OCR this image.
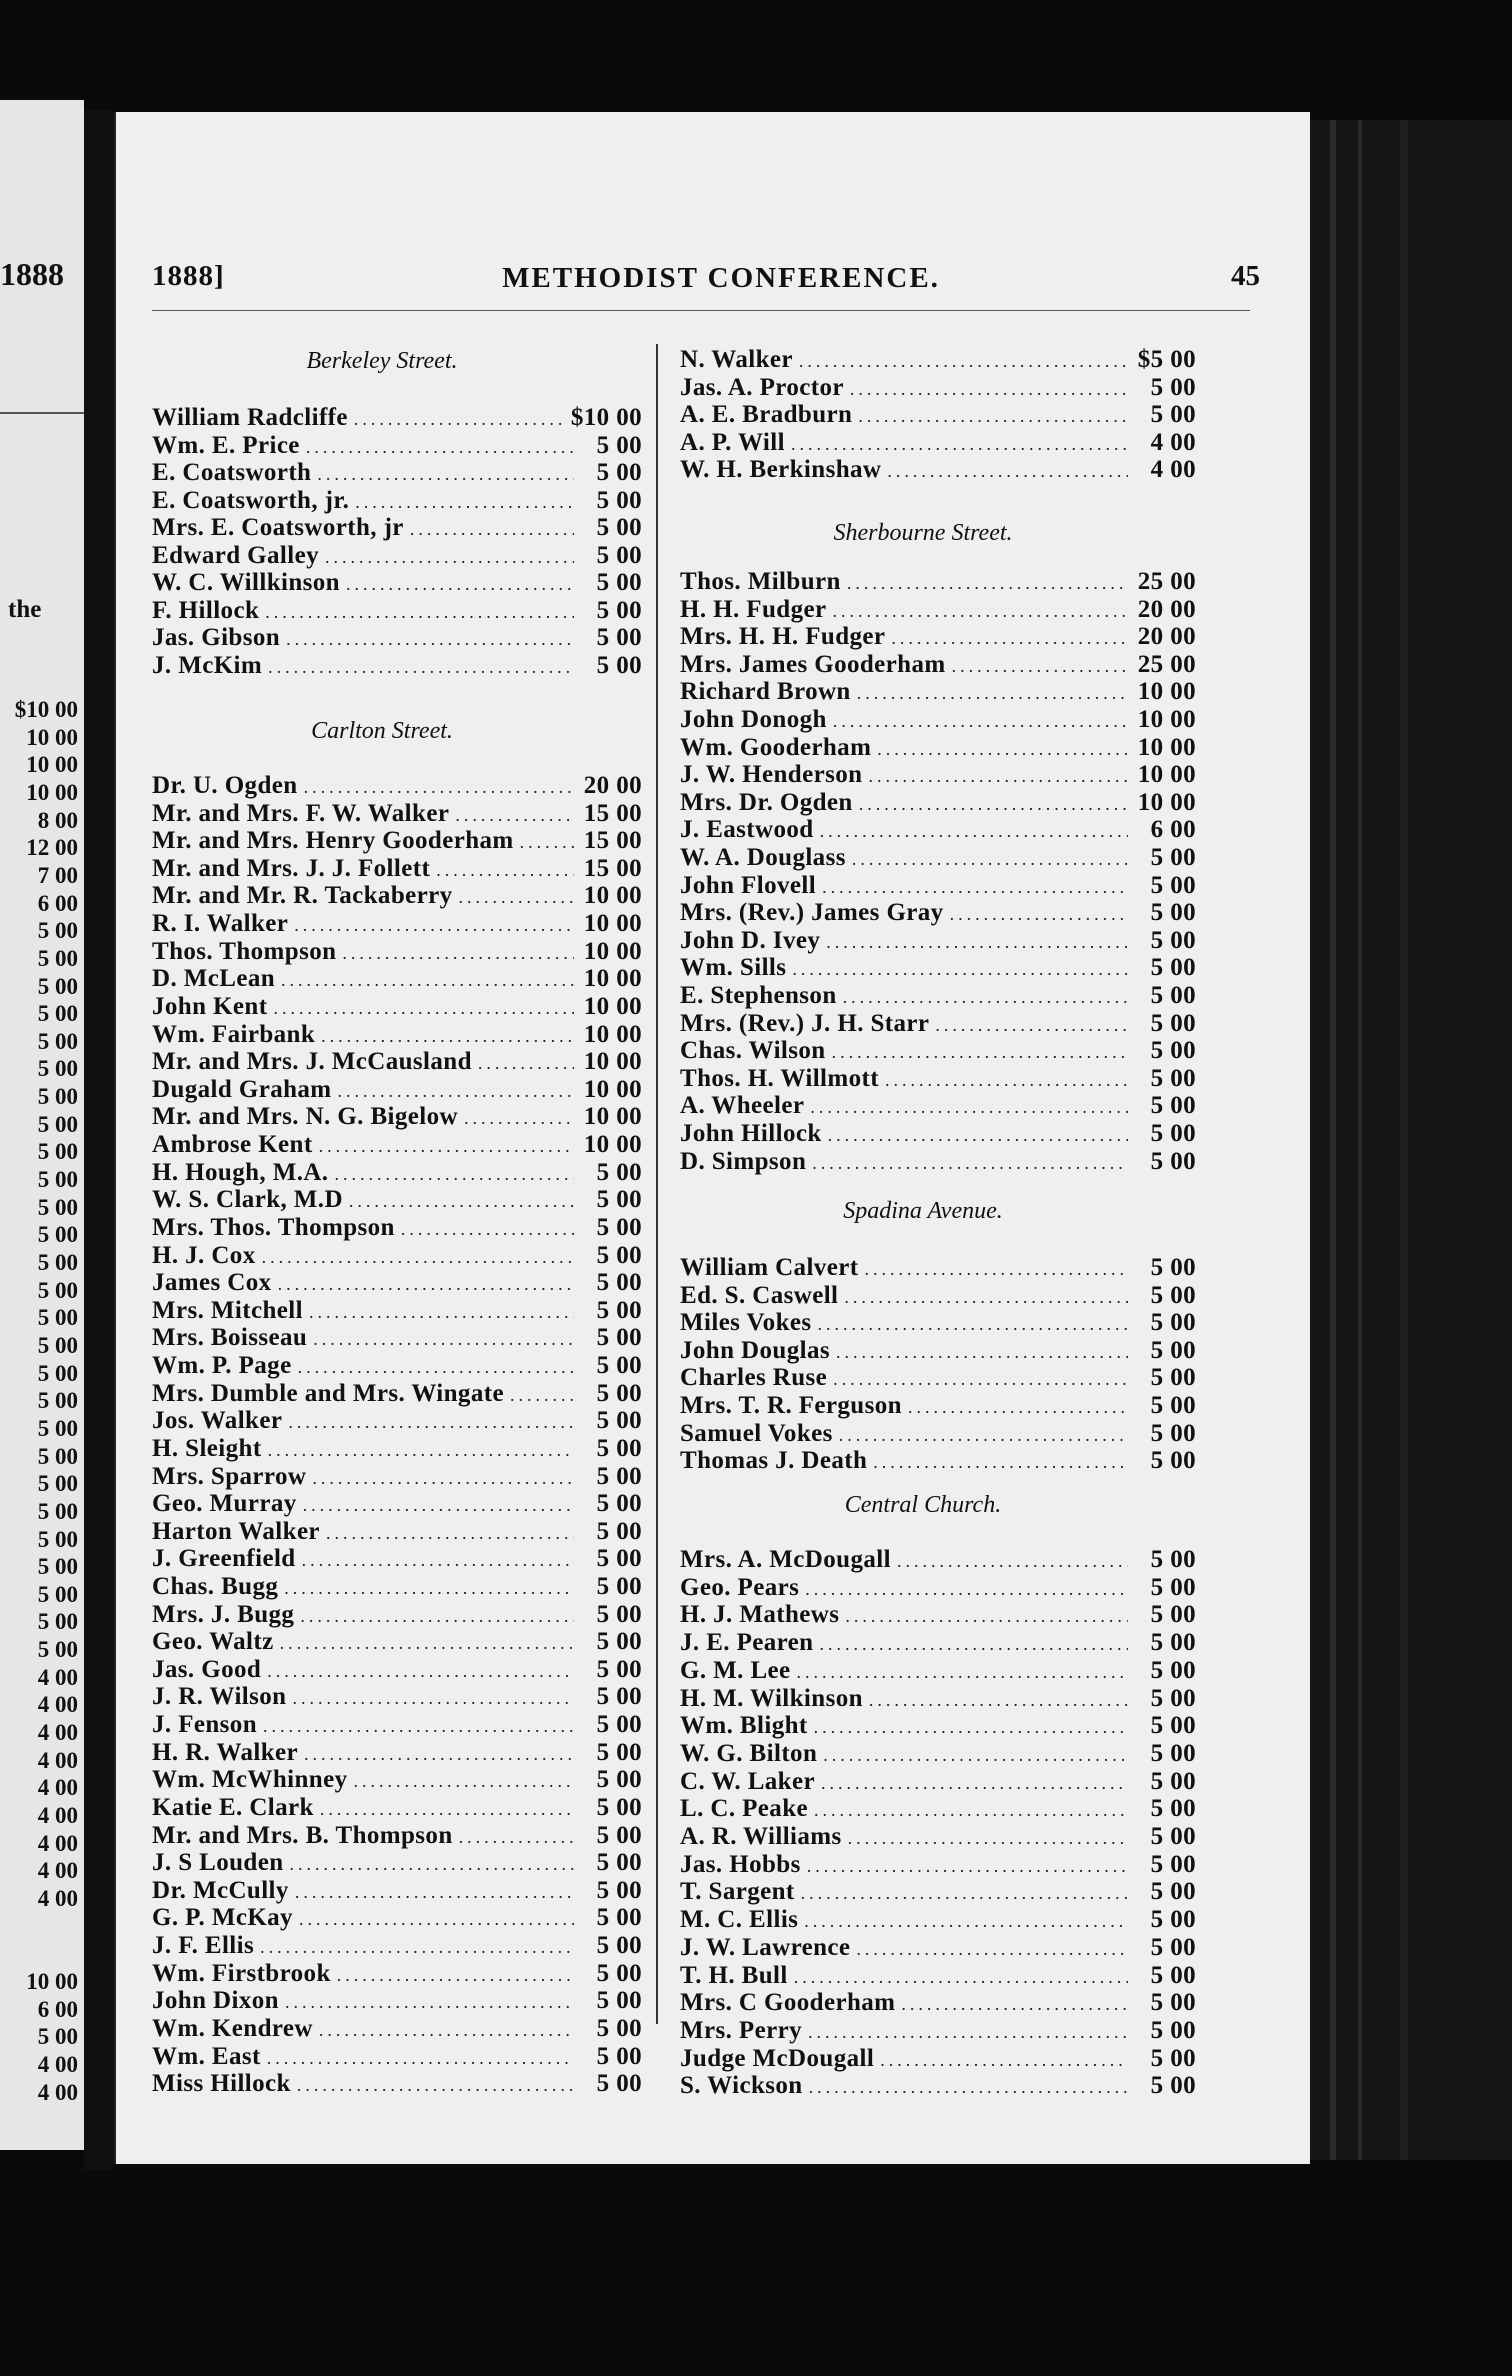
1888
the
$10 00
10 00
10 00
10 00
8 00
12 00
7 00
6 00
5 00
5 00
5 00
5 00
5 00
5 00
5 00
5 00
5 00
5 00
5 00
5 00
5 00
5 00
5 00
5 00
5 00
5 00
5 00
5 00
5 00
5 00
5 00
5 00
5 00
5 00
5 00
4 00
4 00
4 00
4 00
4 00
4 00
4 00
4 00
4 00
10 00
6 00
5 00
4 00
4 00
1888]	METHODIST CONFERENCE.	45
Berkeley Street.
William Radcliffe .....	$10 00
Wm. E. Price .....	5 00
E. Coatsworth .....	5 00
E. Coatsworth, jr. .....	5 00
Mrs. E. Coatsworth, jr .....	5 00
Edward Galley .....	5 00
W. C. Willkinson .....	5 00
F. Hillock .....	5 00
Jas. Gibson .....	5 00
J. McKim .....	5 00
Carlton Street.
Dr. U. Ogden .....	20 00
Mr. and Mrs. F. W. Walker .....	15 00
Mr. and Mrs. Henry Gooderham .....	15 00
Mr. and Mrs. J. J. Follett .....	15 00
Mr. and Mr. R. Tackaberry .....	10 00
R. I. Walker .....	10 00
Thos. Thompson .....	10 00
D. McLean .....	10 00
John Kent .....	10 00
Wm. Fairbank .....	10 00
Mr. and Mrs. J. McCausland .....	10 00
Dugald Graham .....	10 00
Mr. and Mrs. N. G. Bigelow .....	10 00
Ambrose Kent .....	10 00
H. Hough, M.A. .....	5 00
W. S. Clark, M.D .....	5 00
Mrs. Thos. Thompson .....	5 00
H. J. Cox .....	5 00
James Cox .....	5 00
Mrs. Mitchell .....	5 00
Mrs. Boisseau .....	5 00
Wm. P. Page .....	5 00
Mrs. Dumble and Mrs. Wingate .....	5 00
Jos. Walker .....	5 00
H. Sleight .....	5 00
Mrs. Sparrow .....	5 00
Geo. Murray .....	5 00
Harton Walker .....	5 00
J. Greenfield .....	5 00
Chas. Bugg .....	5 00
Mrs. J. Bugg .....	5 00
Geo. Waltz .....	5 00
Jas. Good .....	5 00
J. R. Wilson .....	5 00
J. Fenson .....	5 00
H. R. Walker .....	5 00
Wm. McWhinney .....	5 00
Katie E. Clark .....	5 00
Mr. and Mrs. B. Thompson .....	5 00
J. S Louden .....	5 00
Dr. McCully .....	5 00
G. P. McKay .....	5 00
J. F. Ellis .....	5 00
Wm. Firstbrook .....	5 00
John Dixon .....	5 00
Wm. Kendrew .....	5 00
Wm. East .....	5 00
Miss Hillock .....	5 00
N. Walker .....	$5 00
Jas. A. Proctor .....	5 00
A. E. Bradburn .....	5 00
A. P. Will .....	4 00
W. H. Berkinshaw .....	4 00
Sherbourne Street.
Thos. Milburn .....	25 00
H. H. Fudger .....	20 00
Mrs. H. H. Fudger .....	20 00
Mrs. James Gooderham .....	25 00
Richard Brown .....	10 00
John Donogh .....	10 00
Wm. Gooderham .....	10 00
J. W. Henderson .....	10 00
Mrs. Dr. Ogden .....	10 00
J. Eastwood .....	6 00
W. A. Douglass .....	5 00
John Flovell .....	5 00
Mrs. (Rev.) James Gray .....	5 00
John D. Ivey .....	5 00
Wm. Sills .....	5 00
E. Stephenson .....	5 00
Mrs. (Rev.) J. H. Starr .....	5 00
Chas. Wilson .....	5 00
Thos. H. Willmott .....	5 00
A. Wheeler .....	5 00
John Hillock .....	5 00
D. Simpson .....	5 00
Spadina Avenue.
William Calvert .....	5 00
Ed. S. Caswell .....	5 00
Miles Vokes .....	5 00
John Douglas .....	5 00
Charles Ruse .....	5 00
Mrs. T. R. Ferguson .....	5 00
Samuel Vokes .....	5 00
Thomas J. Death .....	5 00
Central Church.
Mrs. A. McDougall .....	5 00
Geo. Pears .....	5 00
H. J. Mathews .....	5 00
J. E. Pearen .....	5 00
G. M. Lee .....	5 00
H. M. Wilkinson .....	5 00
Wm. Blight .....	5 00
W. G. Bilton .....	5 00
C. W. Laker .....	5 00
L. C. Peake .....	5 00
A. R. Williams .....	5 00
Jas. Hobbs .....	5 00
T. Sargent .....	5 00
M. C. Ellis .....	5 00
J. W. Lawrence .....	5 00
T. H. Bull .....	5 00
Mrs. C Gooderham .....	5 00
Mrs. Perry .....	5 00
Judge McDougall .....	5 00
S. Wickson .....	5 00
